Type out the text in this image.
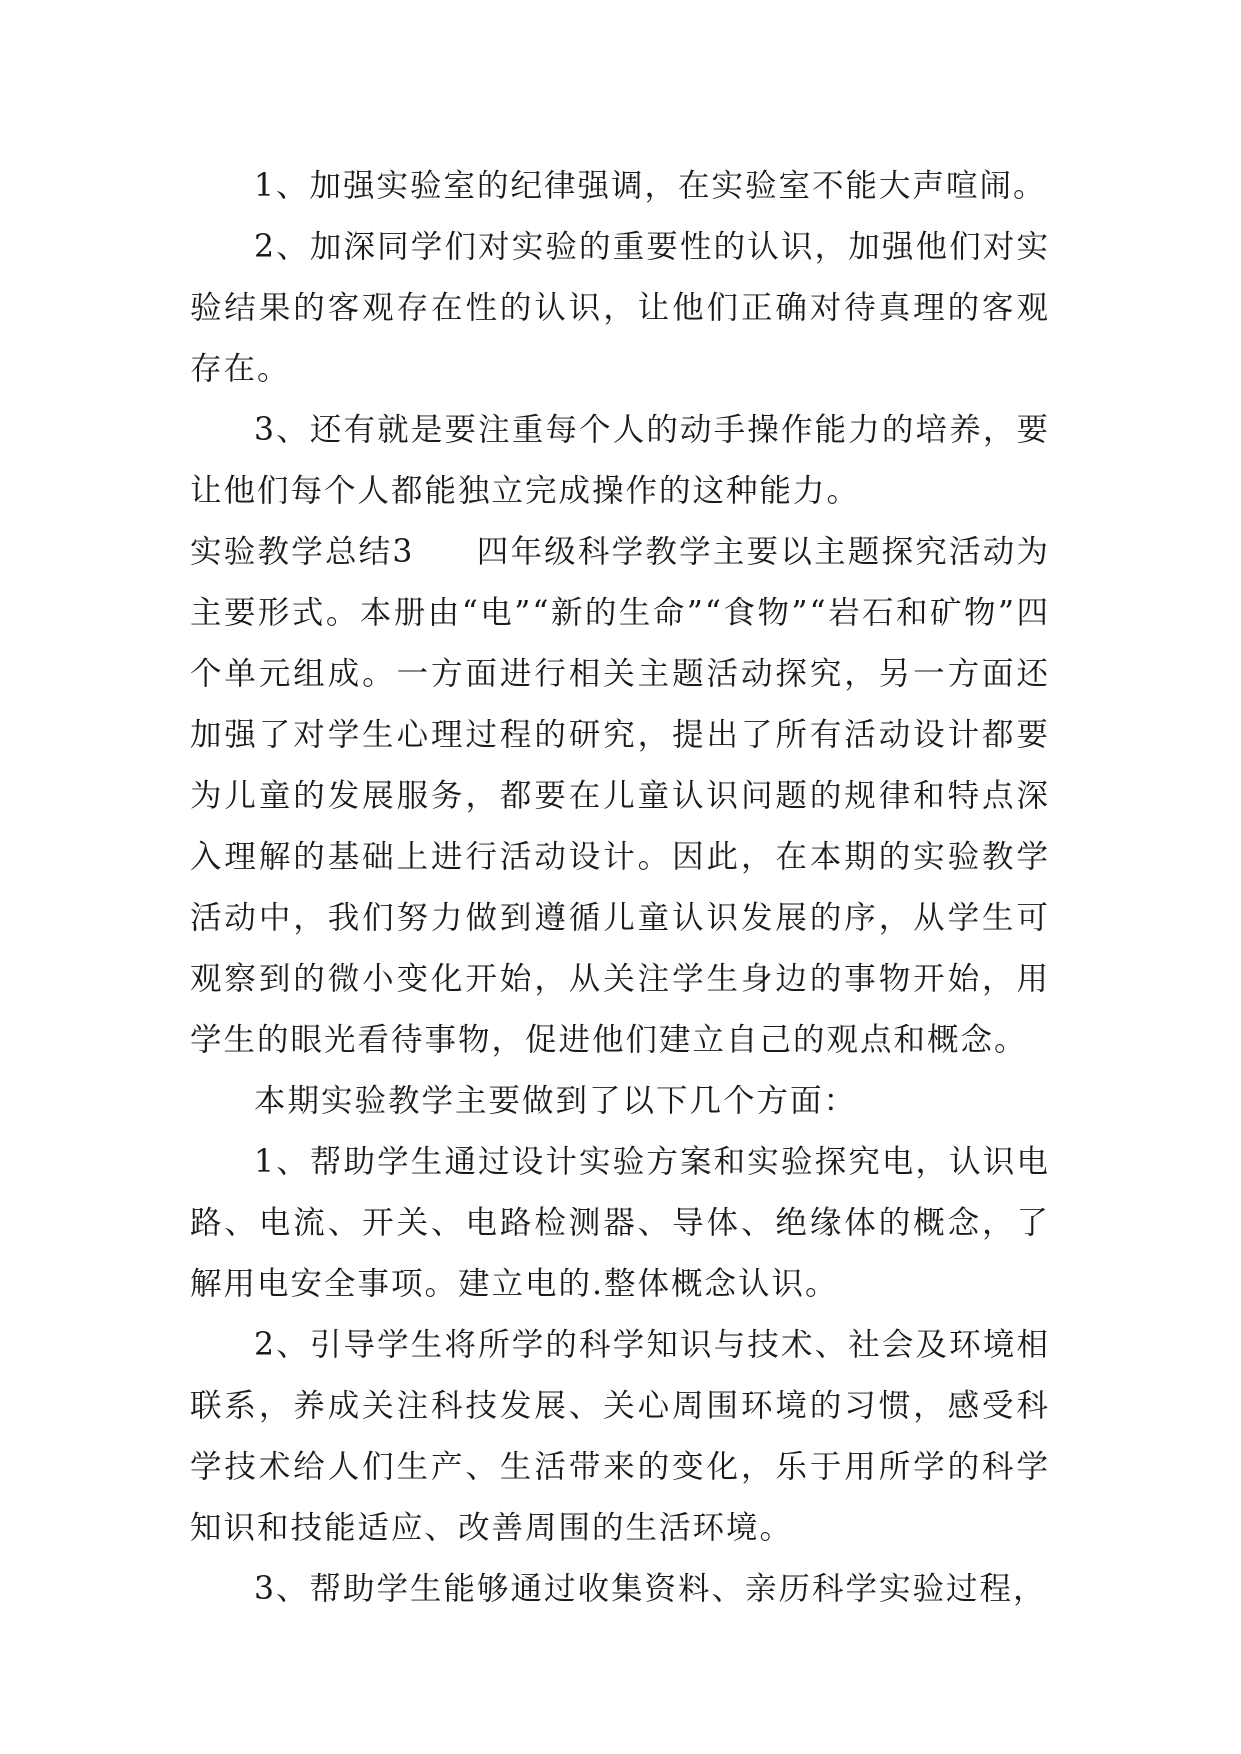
1、加强实验室的纪律强调，在实验室不能大声喧闹。

2、加深同学们对实验的重要性的认识，加强他们对实验结果的客观存在性的认识，让他们正确对待真理的客观存在。

3、还有就是要注重每个人的动手操作能力的培养，要让他们每个人都能独立完成操作的这种能力。

实验教学总结3 四年级科学教学主要以主题探究活动为主要形式。本册由“电”“新的生命”“食物”“岩石和矿物”四个单元组成。一方面进行相关主题活动探究，另一方面还加强了对学生心理过程的研究，提出了所有活动设计都要为儿童的发展服务，都要在儿童认识问题的规律和特点深入理解的基础上进行活动设计。因此，在本期的实验教学活动中，我们努力做到遵循儿童认识发展的序，从学生可观察到的微小变化开始，从关注学生身边的事物开始，用学生的眼光看待事物，促进他们建立自己的观点和概念。

本期实验教学主要做到了以下几个方面：

1、帮助学生通过设计实验方案和实验探究电，认识电路、电流、开关、电路检测器、导体、绝缘体的概念，了解用电安全事项。建立电的.整体概念认识。

2、引导学生将所学的科学知识与技术、社会及环境相联系，养成关注科技发展、关心周围环境的习惯，感受科学技术给人们生产、生活带来的变化，乐于用所学的科学知识和技能适应、改善周围的生活环境。

3、帮助学生能够通过收集资料、亲历科学实验过程，
